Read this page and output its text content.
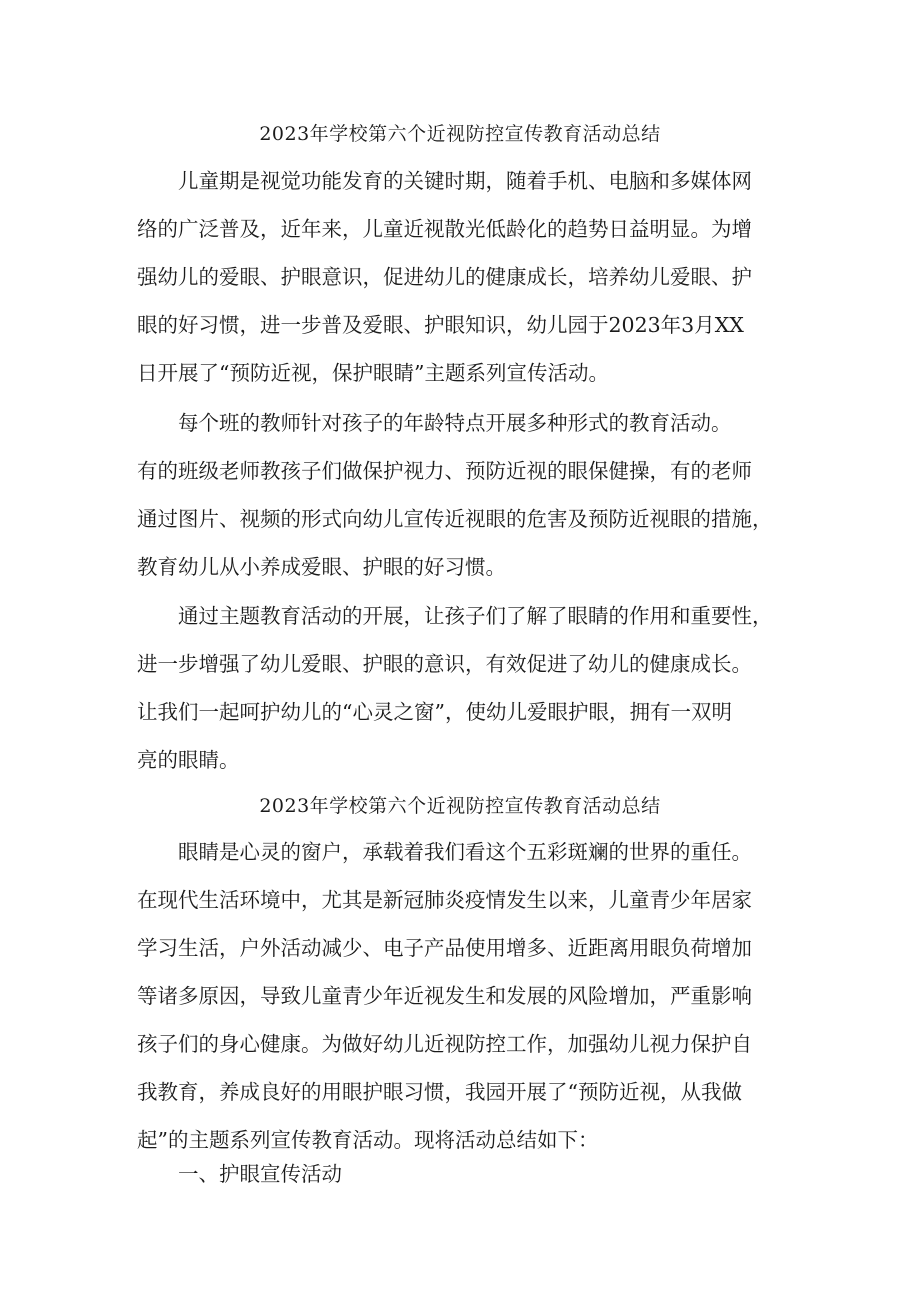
2023年学校第六个近视防控宣传教育活动总结
儿童期是视觉功能发育的关键时期，随着手机、电脑和多媒体网
络的广泛普及，近年来，儿童近视散光低龄化的趋势日益明显。为增
强幼儿的爱眼、护眼意识，促进幼儿的健康成长，培养幼儿爱眼、护
眼的好习惯，进一步普及爱眼、护眼知识，幼儿园于2023年3月XX
日开展了“预防近视，保护眼睛”主题系列宣传活动。
每个班的教师针对孩子的年龄特点开展多种形式的教育活动。
有的班级老师教孩子们做保护视力、预防近视的眼保健操，有的老师
通过图片、视频的形式向幼儿宣传近视眼的危害及预防近视眼的措施，
教育幼儿从小养成爱眼、护眼的好习惯。
通过主题教育活动的开展，让孩子们了解了眼睛的作用和重要性，
进一步增强了幼儿爱眼、护眼的意识，有效促进了幼儿的健康成长。
让我们一起呵护幼儿的“心灵之窗”，使幼儿爱眼护眼，拥有一双明
亮的眼睛。
2023年学校第六个近视防控宣传教育活动总结
眼睛是心灵的窗户，承载着我们看这个五彩斑斓的世界的重任。
在现代生活环境中，尤其是新冠肺炎疫情发生以来，儿童青少年居家
学习生活，户外活动减少、电子产品使用增多、近距离用眼负荷增加
等诸多原因，导致儿童青少年近视发生和发展的风险增加，严重影响
孩子们的身心健康。为做好幼儿近视防控工作，加强幼儿视力保护自
我教育，养成良好的用眼护眼习惯，我园开展了“预防近视，从我做
起”的主题系列宣传教育活动。现将活动总结如下：
一、护眼宣传活动
